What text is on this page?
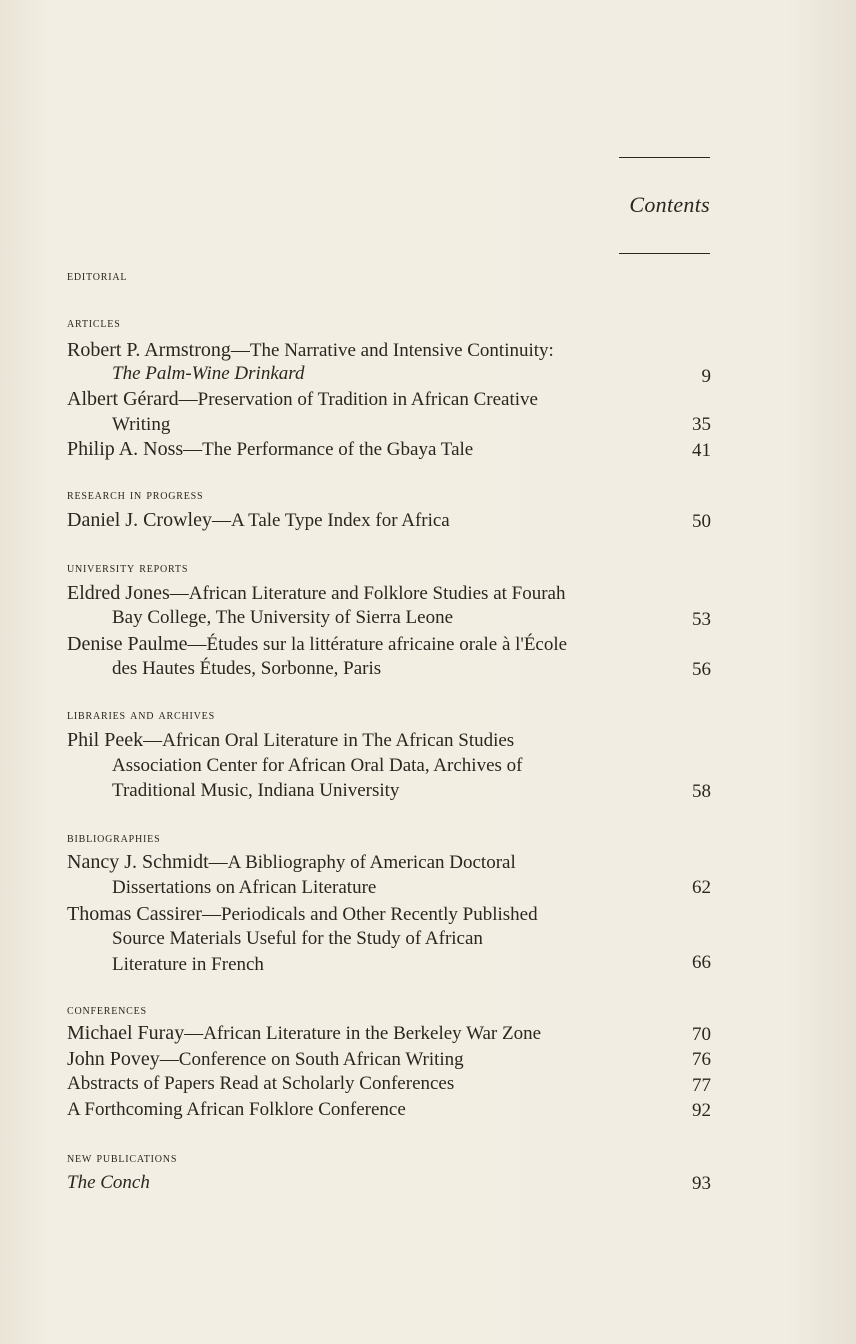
Contents
editorial
articles
Robert P. Armstrong—The Narrative and Intensive Continuity:
The Palm-Wine Drinkard	9
Albert Gérard—Preservation of Tradition in African Creative
Writing	35
Philip A. Noss—The Performance of the Gbaya Tale	41
research in progress
Daniel J. Crowley—A Tale Type Index for Africa	50
university reports
Eldred Jones—African Literature and Folklore Studies at Fourah
Bay College, The University of Sierra Leone	53
Denise Paulme—Études sur la littérature africaine orale à l'École
des Hautes Études, Sorbonne, Paris	56
libraries and archives
Phil Peek—African Oral Literature in The African Studies
Association Center for African Oral Data, Archives of
Traditional Music, Indiana University	58
bibliographies
Nancy J. Schmidt—A Bibliography of American Doctoral
Dissertations on African Literature	62
Thomas Cassirer—Periodicals and Other Recently Published
Source Materials Useful for the Study of African
Literature in French	66
conferences
Michael Furay—African Literature in the Berkeley War Zone	70
John Povey—Conference on South African Writing	76
Abstracts of Papers Read at Scholarly Conferences	77
A Forthcoming African Folklore Conference	92
new publications
The Conch	93
